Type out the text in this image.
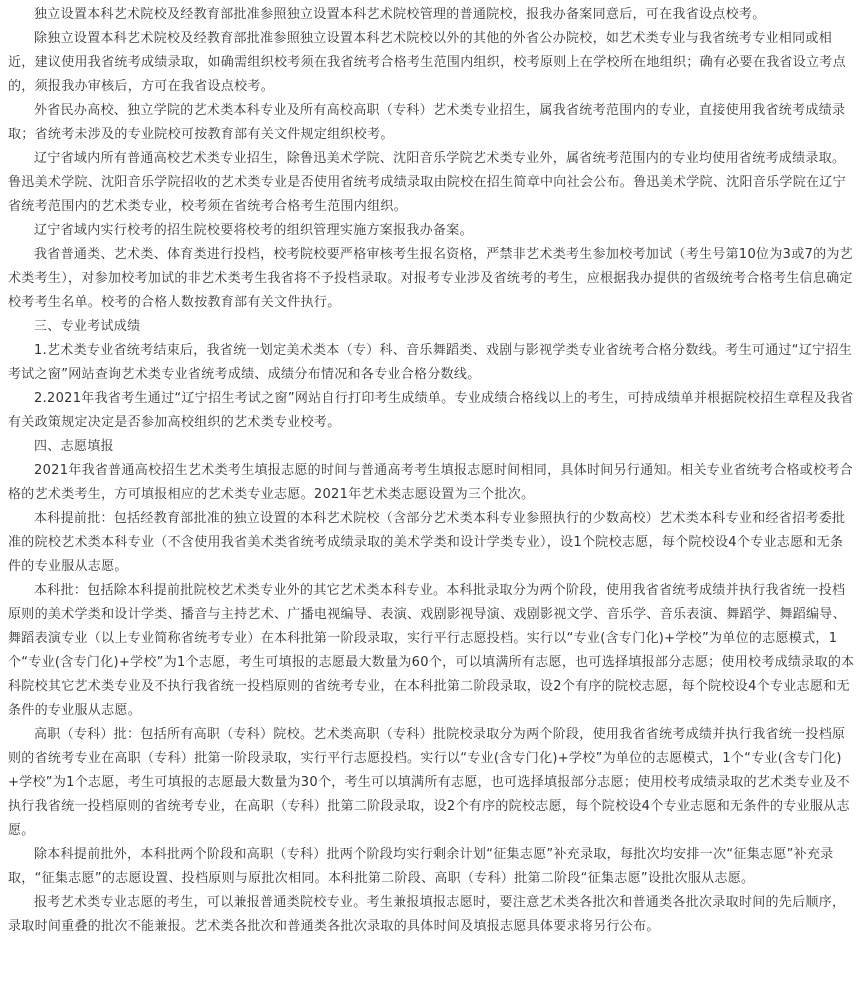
独立设置本科艺术院校及经教育部批准参照独立设置本科艺术院校管理的普通院校，报我办备案同意后，可在我省设点校考。

除独立设置本科艺术院校及经教育部批准参照独立设置本科艺术院校以外的其他的外省公办院校，如艺术类专业与我省统考专业相同或相近，建议使用我省统考成绩录取，如确需组织校考须在我省统考合格考生范围内组织，校考原则上在学校所在地组织；确有必要在我省设立考点的，须报我办审核后，方可在我省设点校考。

外省民办高校、独立学院的艺术类本科专业及所有高校高职（专科）艺术类专业招生，属我省统考范围内的专业，直接使用我省统考成绩录取；省统考未涉及的专业院校可按教育部有关文件规定组织校考。

辽宁省域内所有普通高校艺术类专业招生，除鲁迅美术学院、沈阳音乐学院艺术类专业外，属省统考范围内的专业均使用省统考成绩录取。鲁迅美术学院、沈阳音乐学院招收的艺术类专业是否使用省统考成绩录取由院校在招生简章中向社会公布。鲁迅美术学院、沈阳音乐学院在辽宁省统考范围内的艺术类专业，校考须在省统考合格考生范围内组织。

辽宁省域内实行校考的招生院校要将校考的组织管理实施方案报我办备案。

我省普通类、艺术类、体育类进行投档，校考院校要严格审核考生报名资格，严禁非艺术类考生参加校考加试（考生号第10位为3或7的为艺术类考生），对参加校考加试的非艺术类考生我省将不予投档录取。对报考专业涉及省统考的考生，应根据我办提供的省级统考合格考生信息确定校考考生名单。校考的合格人数按教育部有关文件执行。

三、专业考试成绩

1.艺术类专业省统考结束后，我省统一划定美术类本（专）科、音乐舞蹈类、戏剧与影视学类专业省统考合格分数线。考生可通过“辽宁招生考试之窗”网站查询艺术类专业省统考成绩、成绩分布情况和各专业合格分数线。

2.2021年我省考生通过“辽宁招生考试之窗”网站自行打印考生成绩单。专业成绩合格线以上的考生，可持成绩单并根据院校招生章程及我省有关政策规定决定是否参加高校组织的艺术类专业校考。

四、志愿填报

2021年我省普通高校招生艺术类考生填报志愿的时间与普通高考考生填报志愿时间相同，具体时间另行通知。相关专业省统考合格或校考合格的艺术类考生，方可填报相应的艺术类专业志愿。2021年艺术类志愿设置为三个批次。

本科提前批：包括经教育部批准的独立设置的本科艺术院校（含部分艺术类本科专业参照执行的少数高校）艺术类本科专业和经省招考委批准的院校艺术类本科专业（不含使用我省美术类省统考成绩录取的美术学类和设计学类专业），设1个院校志愿，每个院校设4个专业志愿和无条件的专业服从志愿。

本科批：包括除本科提前批院校艺术类专业外的其它艺术类本科专业。本科批录取分为两个阶段，使用我省省统考成绩并执行我省统一投档原则的美术学类和设计学类、播音与主持艺术、广播电视编导、表演、戏剧影视导演、戏剧影视文学、音乐学、音乐表演、舞蹈学、舞蹈编导、舞蹈表演专业（以上专业简称省统考专业）在本科批第一阶段录取，实行平行志愿投档。实行以“专业(含专门化)+学校”为单位的志愿模式，1个“专业(含专门化)+学校”为1个志愿，考生可填报的志愿最大数量为60个，可以填满所有志愿，也可选择填报部分志愿；使用校考成绩录取的本科院校其它艺术类专业及不执行我省统一投档原则的省统考专业，在本科批第二阶段录取，设2个有序的院校志愿，每个院校设4个专业志愿和无条件的专业服从志愿。

高职（专科）批：包括所有高职（专科）院校。艺术类高职（专科）批院校录取分为两个阶段，使用我省省统考成绩并执行我省统一投档原则的省统考专业在高职（专科）批第一阶段录取，实行平行志愿投档。实行以“专业(含专门化)+学校”为单位的志愿模式，1个“专业(含专门化)+学校”为1个志愿，考生可填报的志愿最大数量为30个，考生可以填满所有志愿，也可选择填报部分志愿；使用校考成绩录取的艺术类专业及不执行我省统一投档原则的省统考专业，在高职（专科）批第二阶段录取，设2个有序的院校志愿，每个院校设4个专业志愿和无条件的专业服从志愿。

除本科提前批外，本科批两个阶段和高职（专科）批两个阶段均实行剩余计划“征集志愿”补充录取，每批次均安排一次“征集志愿”补充录取，“征集志愿”的志愿设置、投档原则与原批次相同。本科批第二阶段、高职（专科）批第二阶段“征集志愿”设批次服从志愿。

报考艺术类专业志愿的考生，可以兼报普通类院校专业。考生兼报填报志愿时，要注意艺术类各批次和普通类各批次录取时间的先后顺序，录取时间重叠的批次不能兼报。艺术类各批次和普通类各批次录取的具体时间及填报志愿具体要求将另行公布。
